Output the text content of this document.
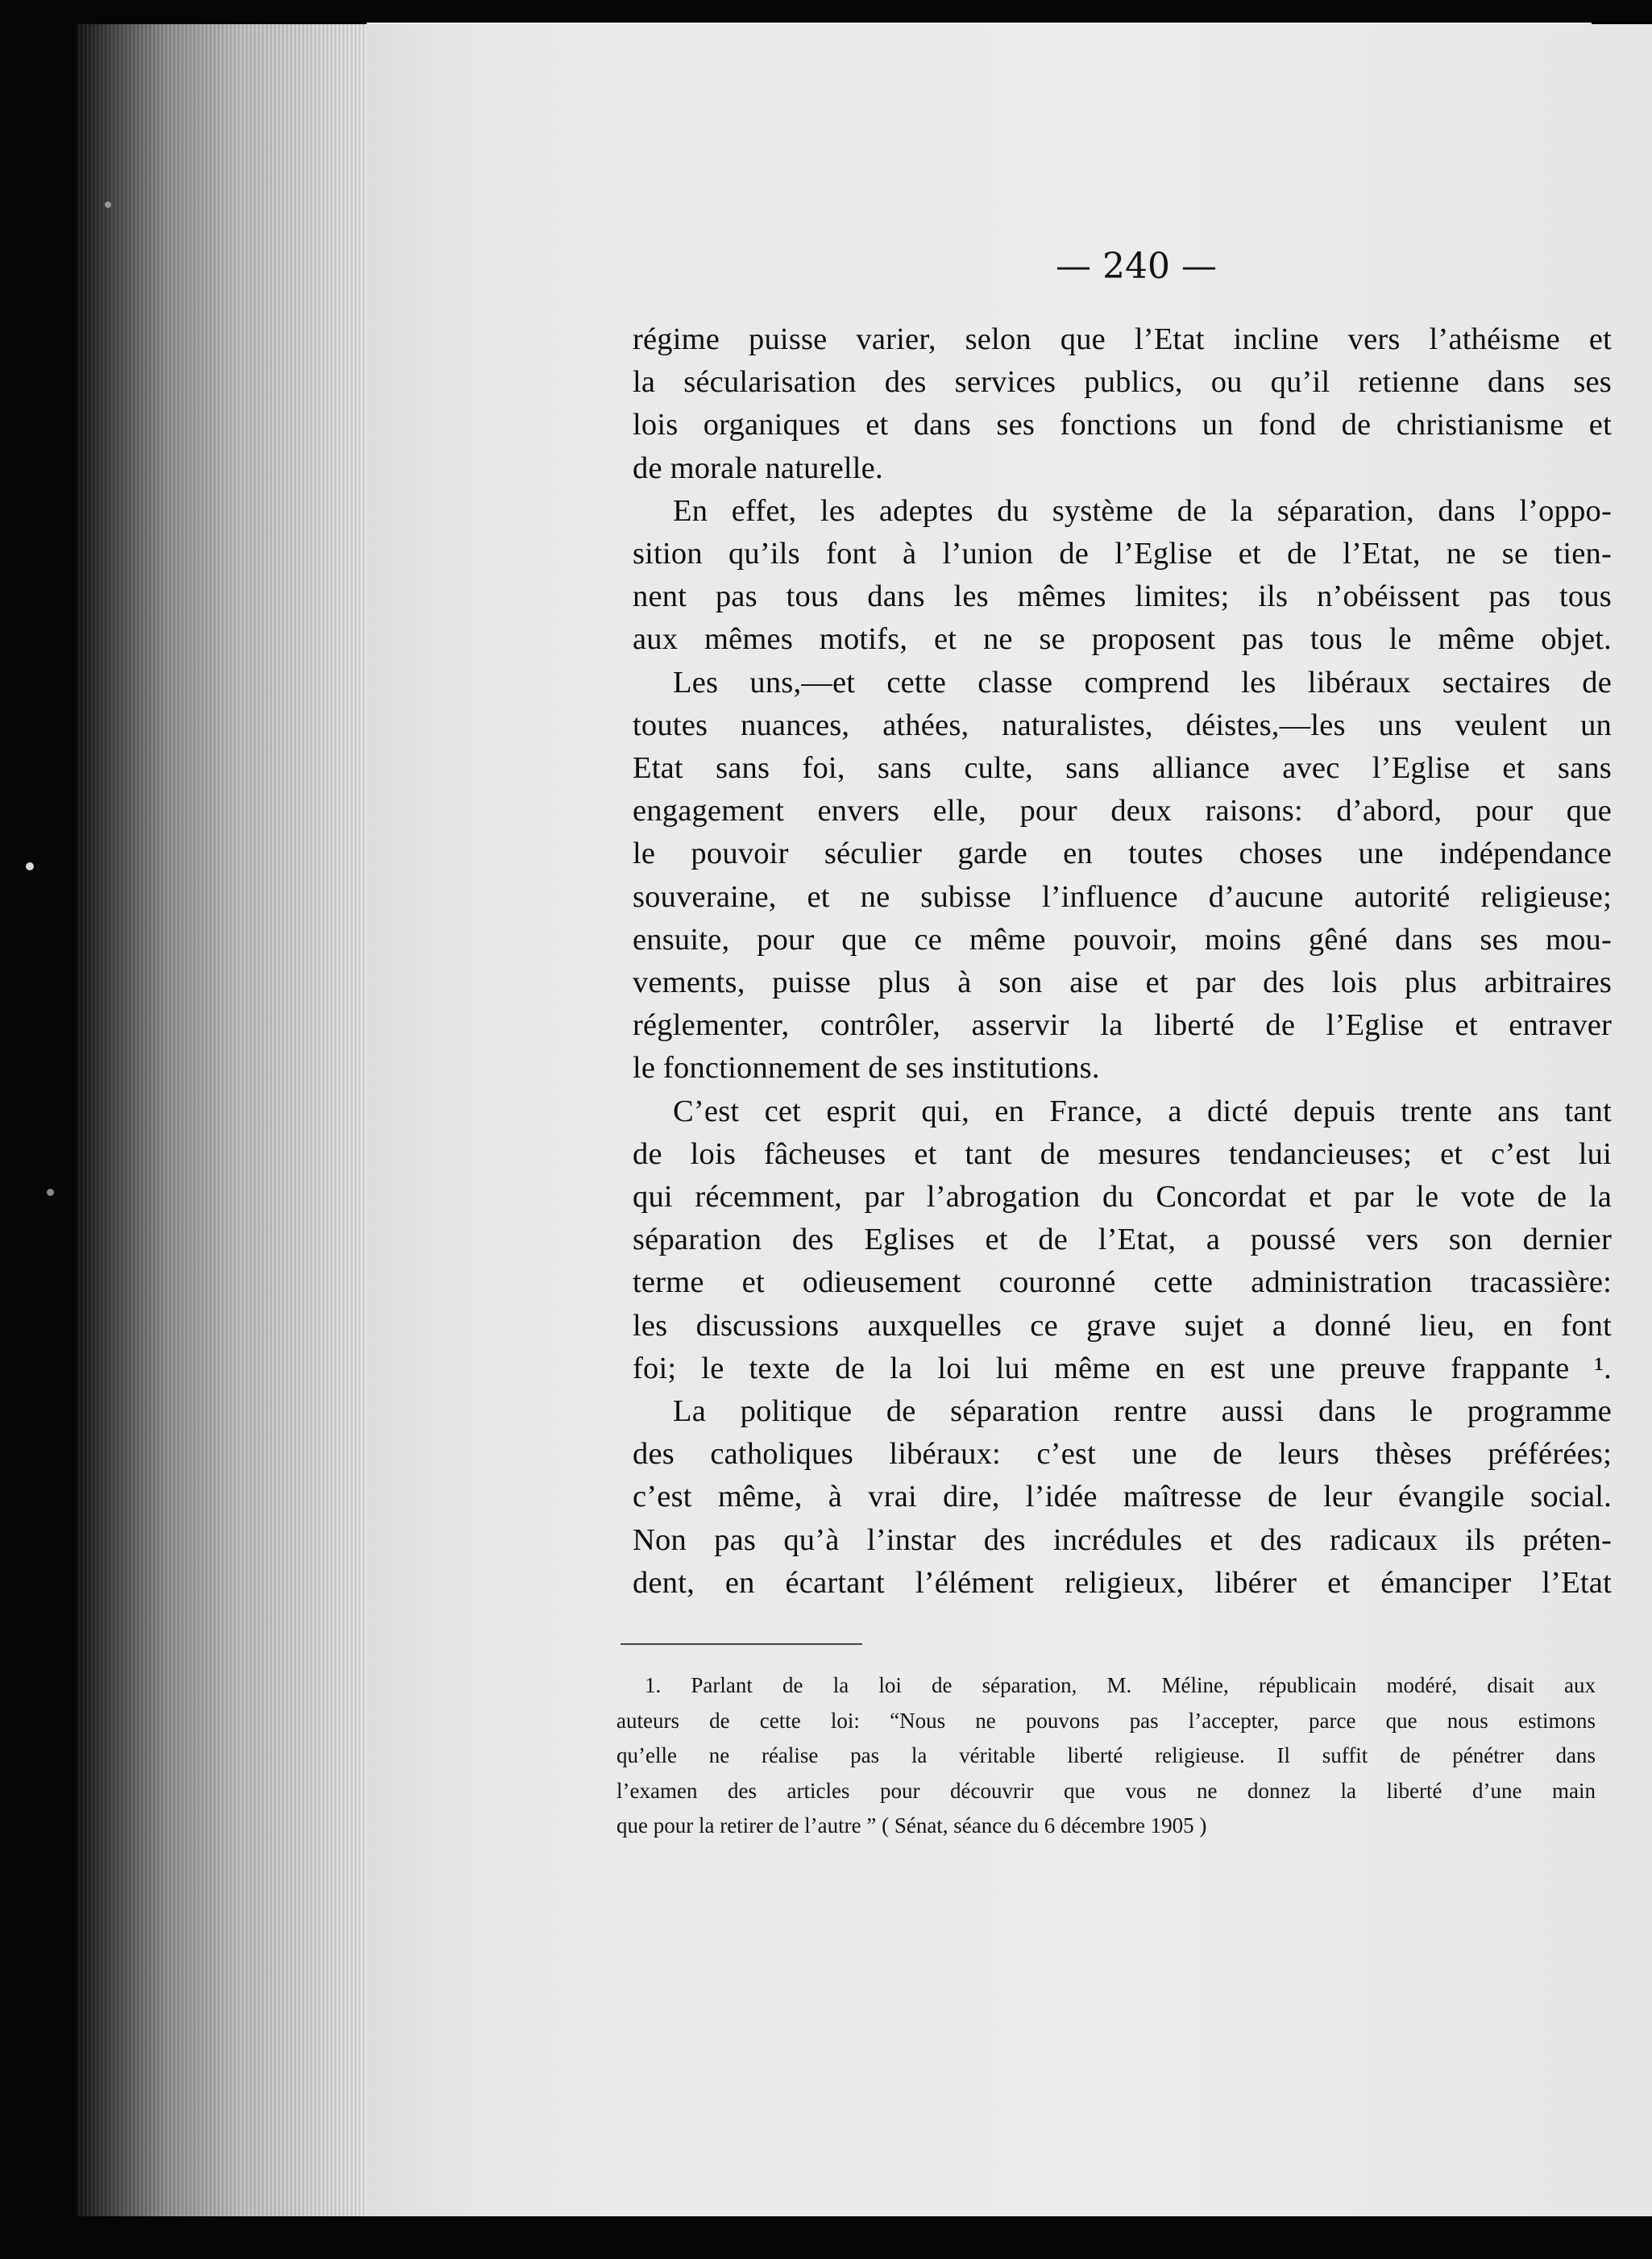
— 240 —
régime puisse varier, selon que l’Etat incline vers l’athéisme et
la sécularisation des services publics, ou qu’il retienne dans ses
lois organiques et dans ses fonctions un fond de christianisme et
de morale naturelle.
En effet, les adeptes du système de la séparation, dans l’oppo-
sition qu’ils font à l’union de l’Eglise et de l’Etat, ne se tien-
nent pas tous dans les mêmes limites; ils n’obéissent pas tous
aux mêmes motifs, et ne se proposent pas tous le même objet.
Les uns,—et cette classe comprend les libéraux sectaires de
toutes nuances, athées, naturalistes, déistes,—les uns veulent un
Etat sans foi, sans culte, sans alliance avec l’Eglise et sans
engagement envers elle, pour deux raisons: d’abord, pour que
le pouvoir séculier garde en toutes choses une indépendance
souveraine, et ne subisse l’influence d’aucune autorité religieuse;
ensuite, pour que ce même pouvoir, moins gêné dans ses mou-
vements, puisse plus à son aise et par des lois plus arbitraires
réglementer, contrôler, asservir la liberté de l’Eglise et entraver
le fonctionnement de ses institutions.
C’est cet esprit qui, en France, a dicté depuis trente ans tant
de lois fâcheuses et tant de mesures tendancieuses; et c’est lui
qui récemment, par l’abrogation du Concordat et par le vote de la
séparation des Eglises et de l’Etat, a poussé vers son dernier
terme et odieusement couronné cette administration tracassière:
les discussions auxquelles ce grave sujet a donné lieu, en font
foi; le texte de la loi lui même en est une preuve frappante ¹.
La politique de séparation rentre aussi dans le programme
des catholiques libéraux: c’est une de leurs thèses préférées;
c’est même, à vrai dire, l’idée maîtresse de leur évangile social.
Non pas qu’à l’instar des incrédules et des radicaux ils préten-
dent, en écartant l’élément religieux, libérer et émanciper l’Etat
1. Parlant de la loi de séparation, M. Méline, républicain modéré, disait aux
auteurs de cette loi: “Nous ne pouvons pas l’accepter, parce que nous estimons
qu’elle ne réalise pas la véritable liberté religieuse. Il suffit de pénétrer dans
l’examen des articles pour découvrir que vous ne donnez la liberté d’une main
que pour la retirer de l’autre ” ( Sénat, séance du 6 décembre 1905 )
